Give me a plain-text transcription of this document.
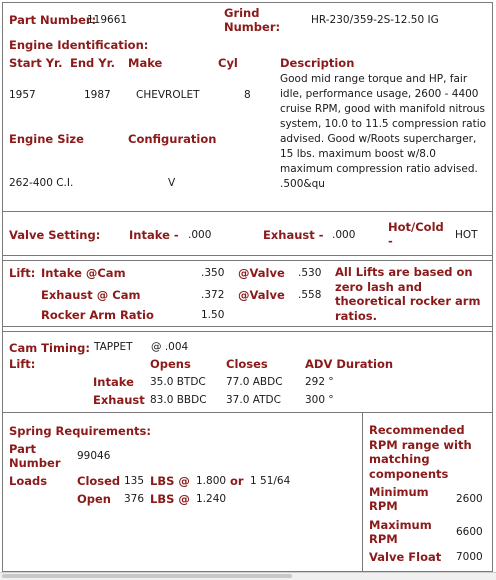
Part Number:
119661	Grind
Number:	HR-230/359-2S-12.50 IG
Engine Identification:
Start Yr. End Yr. Make	Cyl	Description
1957	1987 CHEVROLET	8
Good mid range torque and HP, fair idle, performance usage, 2600 - 4400 cruise RPM, good with manifold nitrous system, 10.0 to 11.5 compression ratio advised. Good w/Roots supercharger, 15 lbs. maximum boost w/8.0 maximum compression ratio advised. .500&qu
Engine Size	Configuration
262-400 C.I.	V
Valve Setting: Intake - .000	Exhaust - .000
Hot/Cold
-	HOT
Lift: Intake @Cam	.350 @Valve .530
Exhaust @ Cam	.372 @Valve .558
Rocker Arm Ratio	1.50
All Lifts are based on zero lash and theoretical rocker arm ratios.
Cam Timing: TAPPET @ .004
Lift:	Opens	Closes	ADV Duration
Intake 35.0 BTDC 77.0 ABDC 292 °
Exhaust 83.0 BBDC 37.0 ATDC 300 °
Spring Requirements:
Part
Number 99046
Loads	Closed 135 LBS @ 1.800 or 1 51/64
Open 376 LBS @ 1.240
Recommended RPM range with matching components
Minimum RPM	2600
Maximum RPM	6600
Valve Float 7000
